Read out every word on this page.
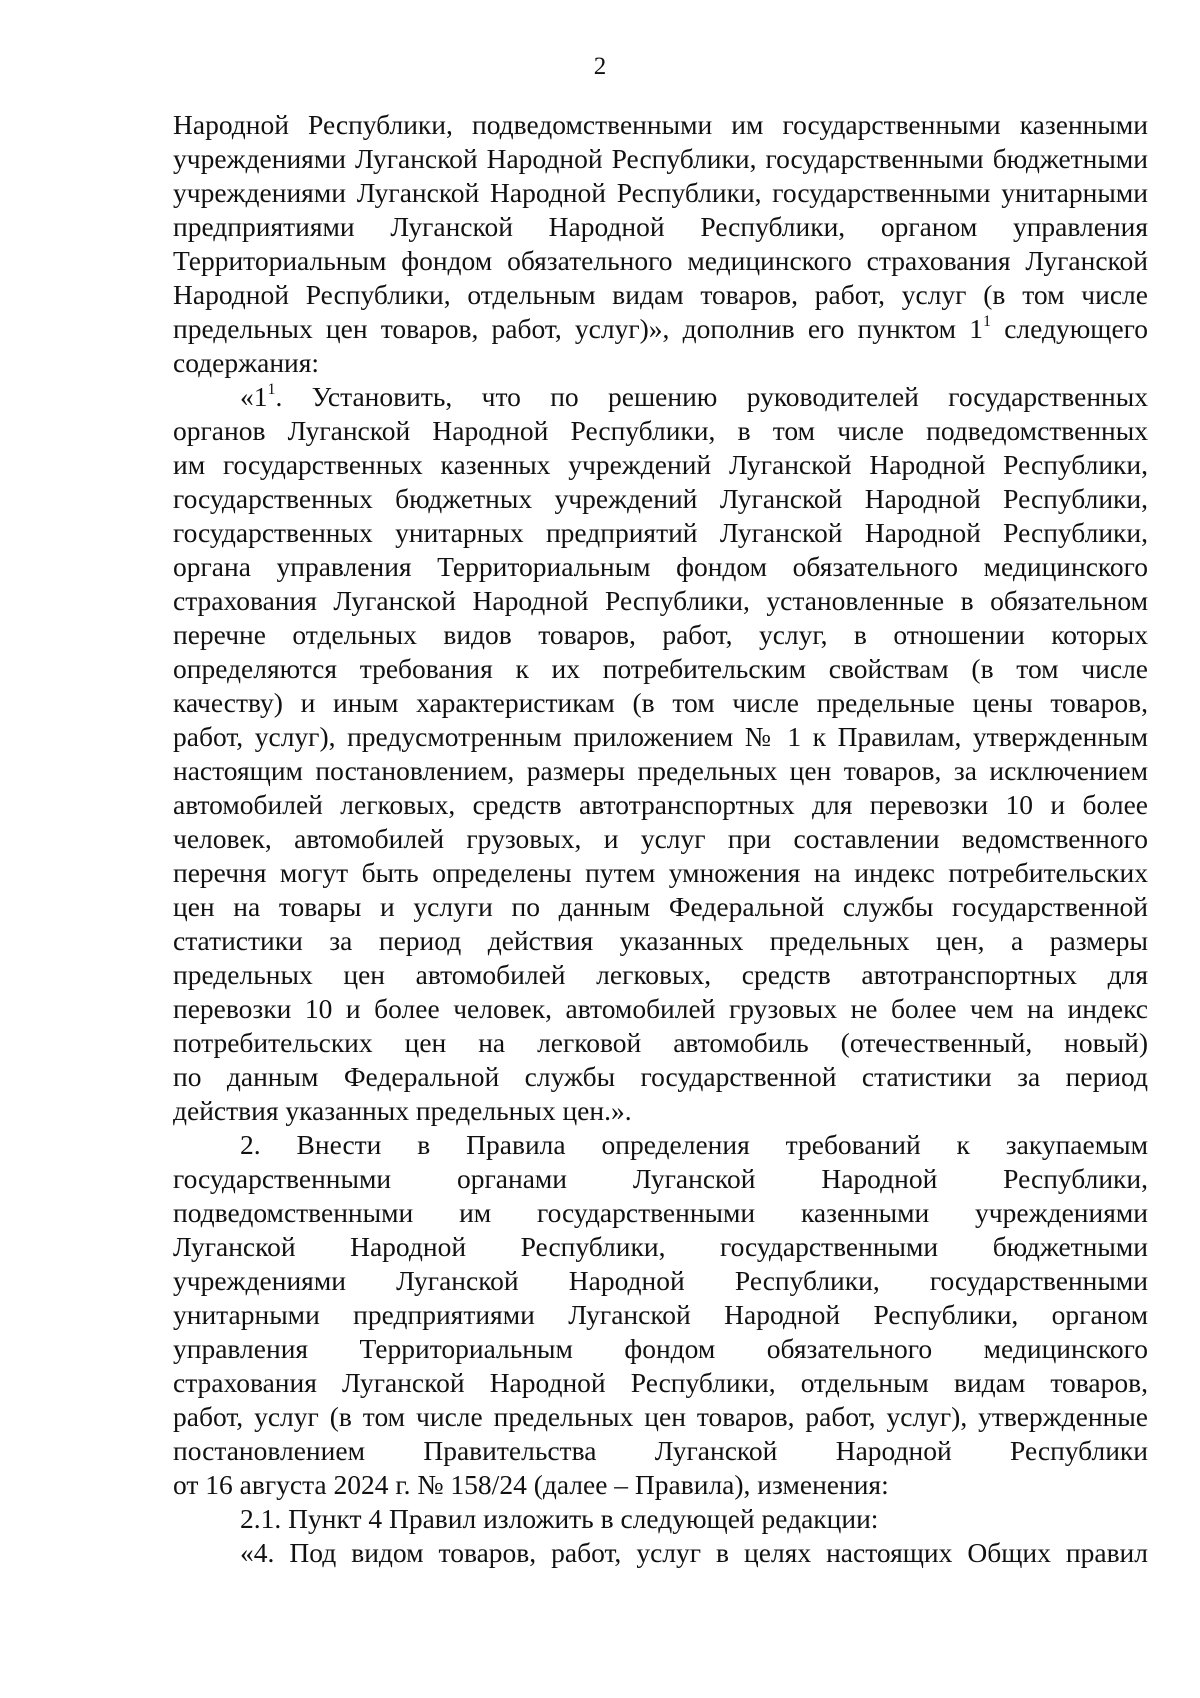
2
Народной Республики, подведомственными им государственными казенными
учреждениями Луганской Народной Республики, государственными бюджетными
учреждениями Луганской Народной Республики, государственными унитарными
предприятиями Луганской Народной Республики, органом управления
Территориальным фондом обязательного медицинского страхования Луганской
Народной Республики, отдельным видам товаров, работ, услуг (в том числе
предельных цен товаров, работ, услуг)», дополнив его пунктом $1^1$ следующего
содержания:
«$1^1$. Установить, что по решению руководителей государственных
органов Луганской Народной Республики, в том числе подведомственных
им государственных казенных учреждений Луганской Народной Республики,
государственных бюджетных учреждений Луганской Народной Республики,
государственных унитарных предприятий Луганской Народной Республики,
органа управления Территориальным фондом обязательного медицинского
страхования Луганской Народной Республики, установленные в обязательном
перечне отдельных видов товаров, работ, услуг, в отношении которых
определяются требования к их потребительским свойствам (в том числе
качеству) и иным характеристикам (в том числе предельные цены товаров,
работ, услуг), предусмотренным приложением № 1 к Правилам, утвержденным
настоящим постановлением, размеры предельных цен товаров, за исключением
автомобилей легковых, средств автотранспортных для перевозки 10 и более
человек, автомобилей грузовых, и услуг при составлении ведомственного
перечня могут быть определены путем умножения на индекс потребительских
цен на товары и услуги по данным Федеральной службы государственной
статистики за период действия указанных предельных цен, а размеры
предельных цен автомобилей легковых, средств автотранспортных для
перевозки 10 и более человек, автомобилей грузовых не более чем на индекс
потребительских цен на легковой автомобиль (отечественный, новый)
по данным Федеральной службы государственной статистики за период
действия указанных предельных цен.».
2. Внести в Правила определения требований к закупаемым
государственными органами Луганской Народной Республики,
подведомственными им государственными казенными учреждениями
Луганской Народной Республики, государственными бюджетными
учреждениями Луганской Народной Республики, государственными
унитарными предприятиями Луганской Народной Республики, органом
управления Территориальным фондом обязательного медицинского
страхования Луганской Народной Республики, отдельным видам товаров,
работ, услуг (в том числе предельных цен товаров, работ, услуг), утвержденные
постановлением Правительства Луганской Народной Республики
от 16 августа 2024 г. № 158/24 (далее – Правила), изменения:
2.1. Пункт 4 Правил изложить в следующей редакции:
«4. Под видом товаров, работ, услуг в целях настоящих Общих правил
